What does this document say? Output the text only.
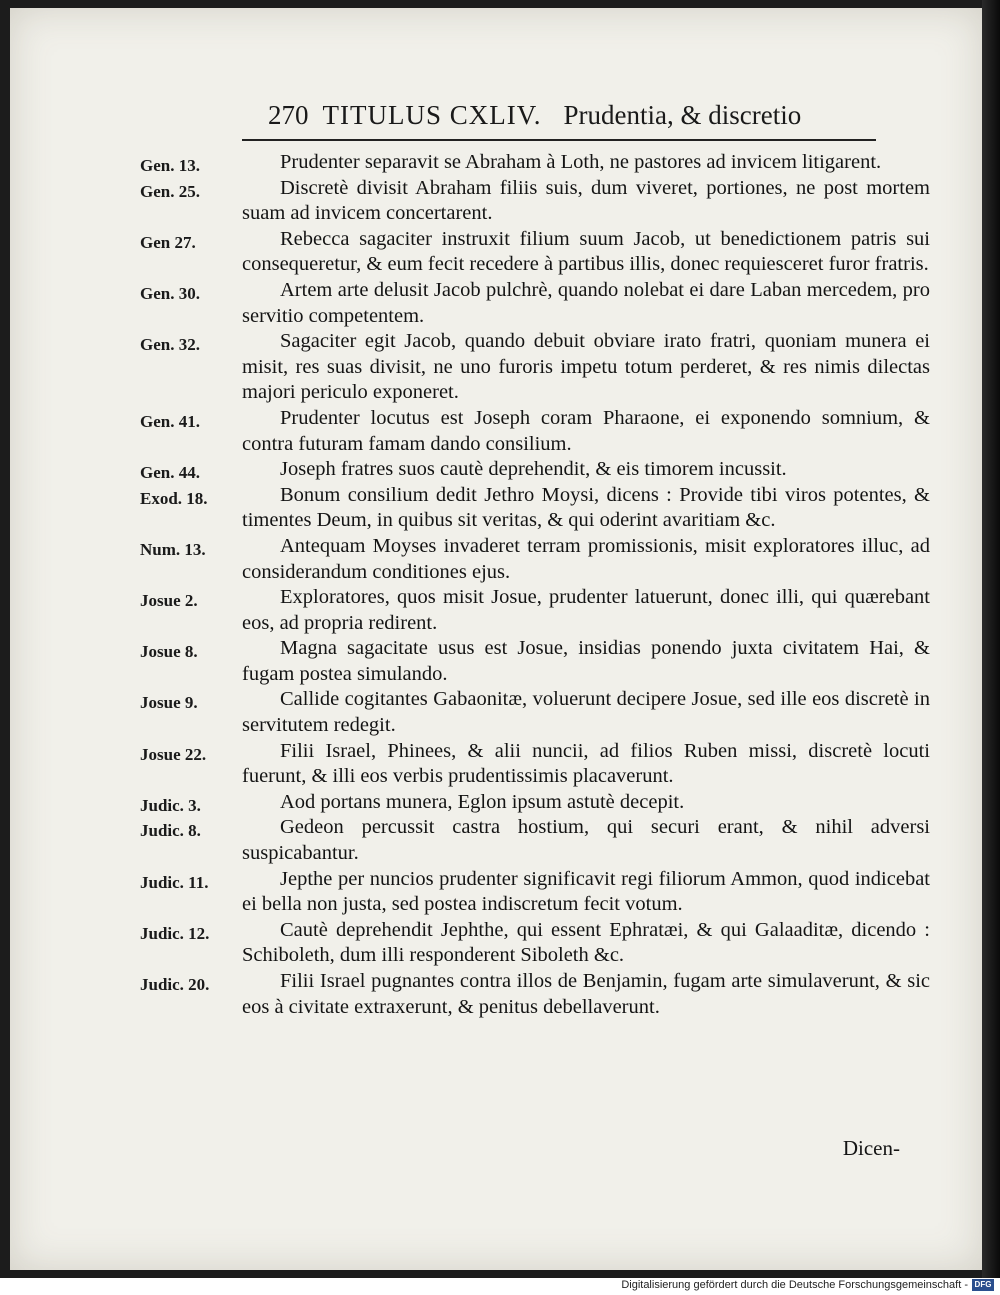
270 TITULUS CXLIV. Prudentia, & discretio
Gen. 13.	Prudenter separavit se Abraham à Loth, ne pastores ad invicem litigarent.
Gen. 25.	Discretè divisit Abraham filiis suis, dum viveret, portiones, ne post mortem suam ad invicem concertarent.
Gen 27.	Rebecca sagaciter instruxit filium suum Jacob, ut benedictionem patris sui consequeretur, & eum fecit recedere à partibus illis, donec requiesceret furor fratris.
Gen. 30.	Artem arte delusit Jacob pulchrè, quando nolebat ei dare Laban mercedem, pro servitio competentem.
Gen. 32.	Sagaciter egit Jacob, quando debuit obviare irato fratri, quoniam munera ei misit, res suas divisit, ne uno furoris impetu totum perderet, & res nimis dilectas majori periculo exponeret.
Gen. 41.	Prudenter locutus est Joseph coram Pharaone, ei exponendo somnium, & contra futuram famam dando consilium.
Gen. 44.	Joseph fratres suos cautè deprehendit, & eis timorem incussit.
Exod. 18.	Bonum consilium dedit Jethro Moysi, dicens : Provide tibi viros potentes, & timentes Deum, in quibus sit veritas, & qui oderint avaritiam &c.
Num. 13.	Antequam Moyses invaderet terram promissionis, misit exploratores illuc, ad considerandum conditiones ejus.
Josue 2.	Exploratores, quos misit Josue, prudenter latuerunt, donec illi, qui quærebant eos, ad propria redirent.
Josue 8.	Magna sagacitate usus est Josue, insidias ponendo juxta civitatem Hai, & fugam postea simulando.
Josue 9.	Callide cogitantes Gabaonitæ, voluerunt decipere Josue, sed ille eos discretè in servitutem redegit.
Josue 22.	Filii Israel, Phinees, & alii nuncii, ad filios Ruben missi, discretè locuti fuerunt, & illi eos verbis prudentissimis placaverunt.
Judic. 3.	Aod portans munera, Eglon ipsum astutè decepit.
Judic. 8.	Gedeon percussit castra hostium, qui securi erant, & nihil adversi suspicabantur.
Judic. 11.	Jepthe per nuncios prudenter significavit regi filiorum Ammon, quod indicebat ei bella non justa, sed postea indiscretum fecit votum.
Judic. 12.	Cautè deprehendit Jephthe, qui essent Ephratæi, & qui Galaaditæ, dicendo : Schiboleth, dum illi responderent Siboleth &c.
Judic. 20.	Filii Israel pugnantes contra illos de Benjamin, fugam arte simulaverunt, & sic eos à civitate extraxerunt, & penitus debellaverunt.
Dicen-
Digitalisierung gefördert durch die Deutsche Forschungsgemeinschaft - DFG
